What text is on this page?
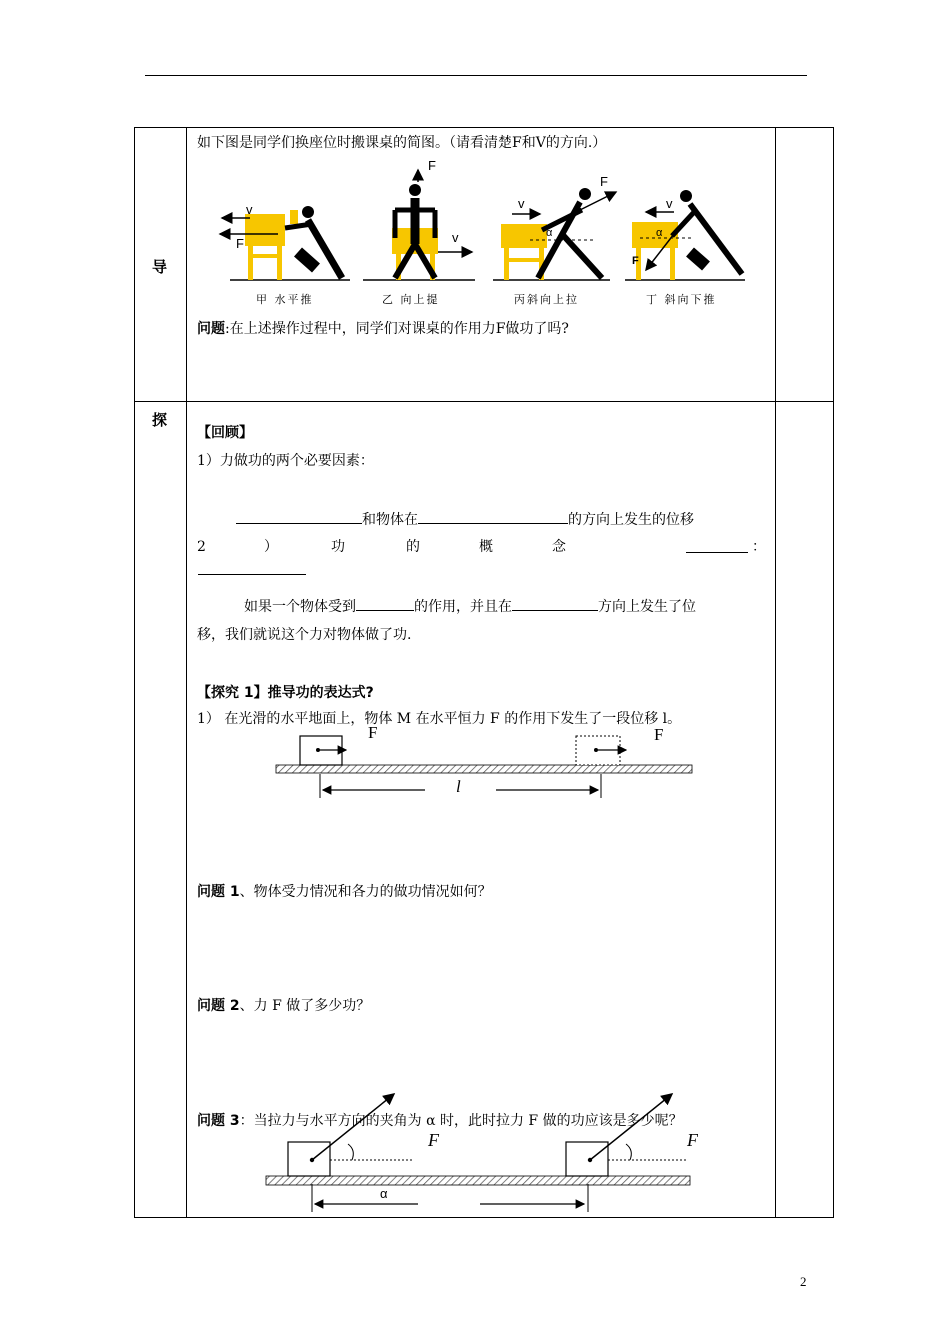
导
探
如下图是同学们换座位时搬课桌的简图。（请看清楚F和V的方向.）
v
F
F
v
F
v
α
v
F
α
甲 水平推	乙 向上提	丙斜向上拉	丁 斜向下推
问题:在上述操作过程中，同学们对课桌的作用力F做功了吗?
【回顾】
1）力做功的两个必要因素：
和物体在	的方向上发生的位移
2	）	功	的	概	念	：
如果一个物体受到	的作用，并且在	方向上发生了位
移，我们就说这个力对物体做了功.
【探究 1】推导功的表达式?
1） 在光滑的水平地面上，物体 M 在水平恒力 F 的作用下发生了一段位移 l。
F	F
l
问题 1、物体受力情况和各力的做功情况如何？
问题 2、力 F 做了多少功？
F	F
α
问题 3：当拉力与水平方向的夹角为 α 时，此时拉力 F 做的功应该是多少呢？
2
